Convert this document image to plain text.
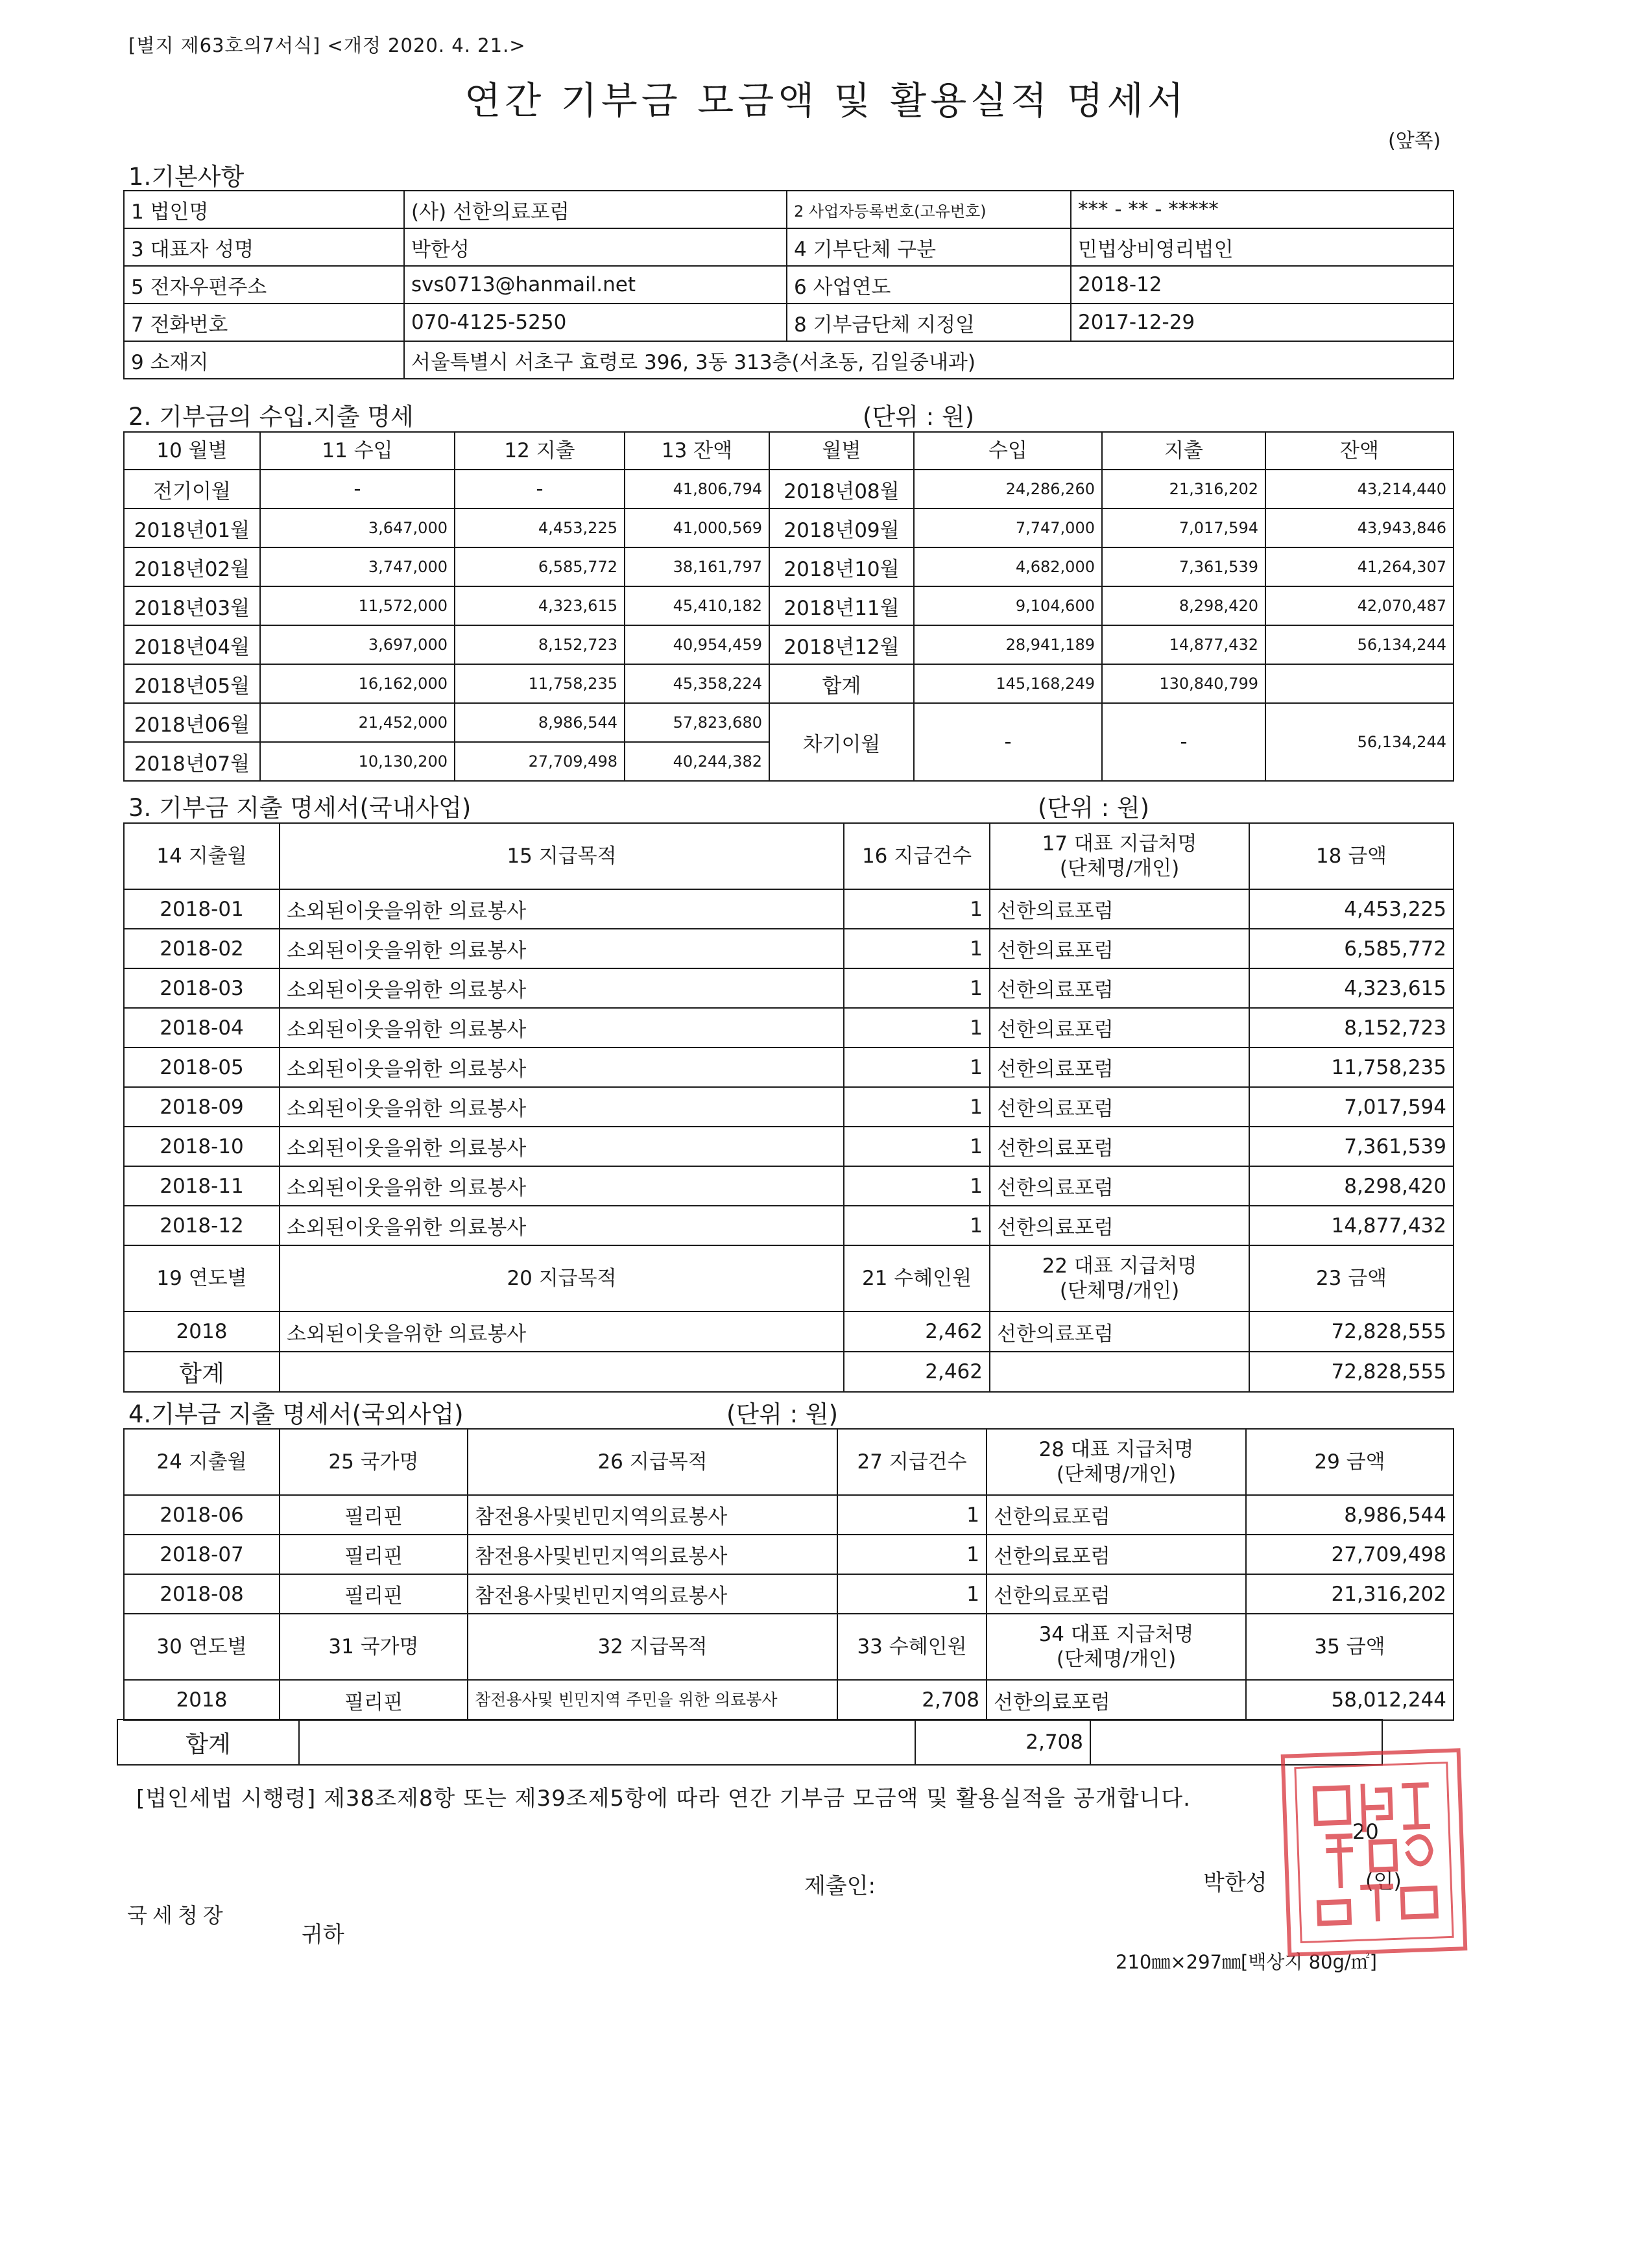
[별지 제63호의7서식] <개정 2020. 4. 21.>
연간 기부금 모금액 및 활용실적 명세서
(앞쪽)
1.기본사항
1 법인명	(사) 선한의료포럼	2 사업자등록번호(고유번호)	*** - ** - *****
3 대표자 성명	박한성	4 기부단체 구분	민법상비영리법인
5 전자우편주소	svs0713@hanmail.net	6 사업연도	2018-12
7 전화번호	070-4125-5250	8 기부금단체 지정일	2017-12-29
9 소재지	서울특별시 서초구 효령로 396, 3동 313층(서초동, 김일중내과)		
2. 기부금의 수입.지출 명세	(단위 : 원)
10 월별	11 수입	12 지출	13 잔액	월별	수입	지출	잔액
전기이월	-	-	41,806,794	2018년08월	24,286,260	21,316,202	43,214,440
2018년01월	3,647,000	4,453,225	41,000,569	2018년09월	7,747,000	7,017,594	43,943,846
2018년02월	3,747,000	6,585,772	38,161,797	2018년10월	4,682,000	7,361,539	41,264,307
2018년03월	11,572,000	4,323,615	45,410,182	2018년11월	9,104,600	8,298,420	42,070,487
2018년04월	3,697,000	8,152,723	40,954,459	2018년12월	28,941,189	14,877,432	56,134,244
2018년05월	16,162,000	11,758,235	45,358,224	합계	145,168,249	130,840,799	
2018년06월	21,452,000	8,986,544	57,823,680	차기이월	-	-	56,134,244
2018년07월	10,130,200	27,709,498	40,244,382				
3. 기부금 지출 명세서(국내사업)	(단위 : 원)
14 지출월	15 지급목적	16 지급건수	17 대표 지급처명
(단체명/개인)	18 금액
2018-01	소외된이웃을위한 의료봉사	1	선한의료포럼	4,453,225
2018-02	소외된이웃을위한 의료봉사	1	선한의료포럼	6,585,772
2018-03	소외된이웃을위한 의료봉사	1	선한의료포럼	4,323,615
2018-04	소외된이웃을위한 의료봉사	1	선한의료포럼	8,152,723
2018-05	소외된이웃을위한 의료봉사	1	선한의료포럼	11,758,235
2018-09	소외된이웃을위한 의료봉사	1	선한의료포럼	7,017,594
2018-10	소외된이웃을위한 의료봉사	1	선한의료포럼	7,361,539
2018-11	소외된이웃을위한 의료봉사	1	선한의료포럼	8,298,420
2018-12	소외된이웃을위한 의료봉사	1	선한의료포럼	14,877,432
19 연도별	20 지급목적	21 수혜인원	22 대표 지급처명
(단체명/개인)	23 금액
2018	소외된이웃을위한 의료봉사	2,462	선한의료포럼	72,828,555
합계		2,462		72,828,555
4.기부금 지출 명세서(국외사업)	(단위 : 원)
24 지출월	25 국가명	26 지급목적	27 지급건수	28 대표 지급처명
(단체명/개인)	29 금액
2018-06	필리핀	참전용사및빈민지역의료봉사	1	선한의료포럼	8,986,544
2018-07	필리핀	참전용사및빈민지역의료봉사	1	선한의료포럼	27,709,498
2018-08	필리핀	참전용사및빈민지역의료봉사	1	선한의료포럼	21,316,202
30 연도별	31 국가명	32 지급목적	33 수혜인원	34 대표 지급처명
(단체명/개인)	35 금액
2018	필리핀	참전용사및 빈민지역 주민을 위한 의료봉사	2,708	선한의료포럼	58,012,244
합계		2,708	
[법인세법 시행령] 제38조제8항 또는 제39조제5항에 따라 연간 기부금 모금액 및 활용실적을 공개합니다.
20
제출인:	박한성	(인)
국세청장
귀하
210㎜×297㎜[백상지 80g/㎡]
